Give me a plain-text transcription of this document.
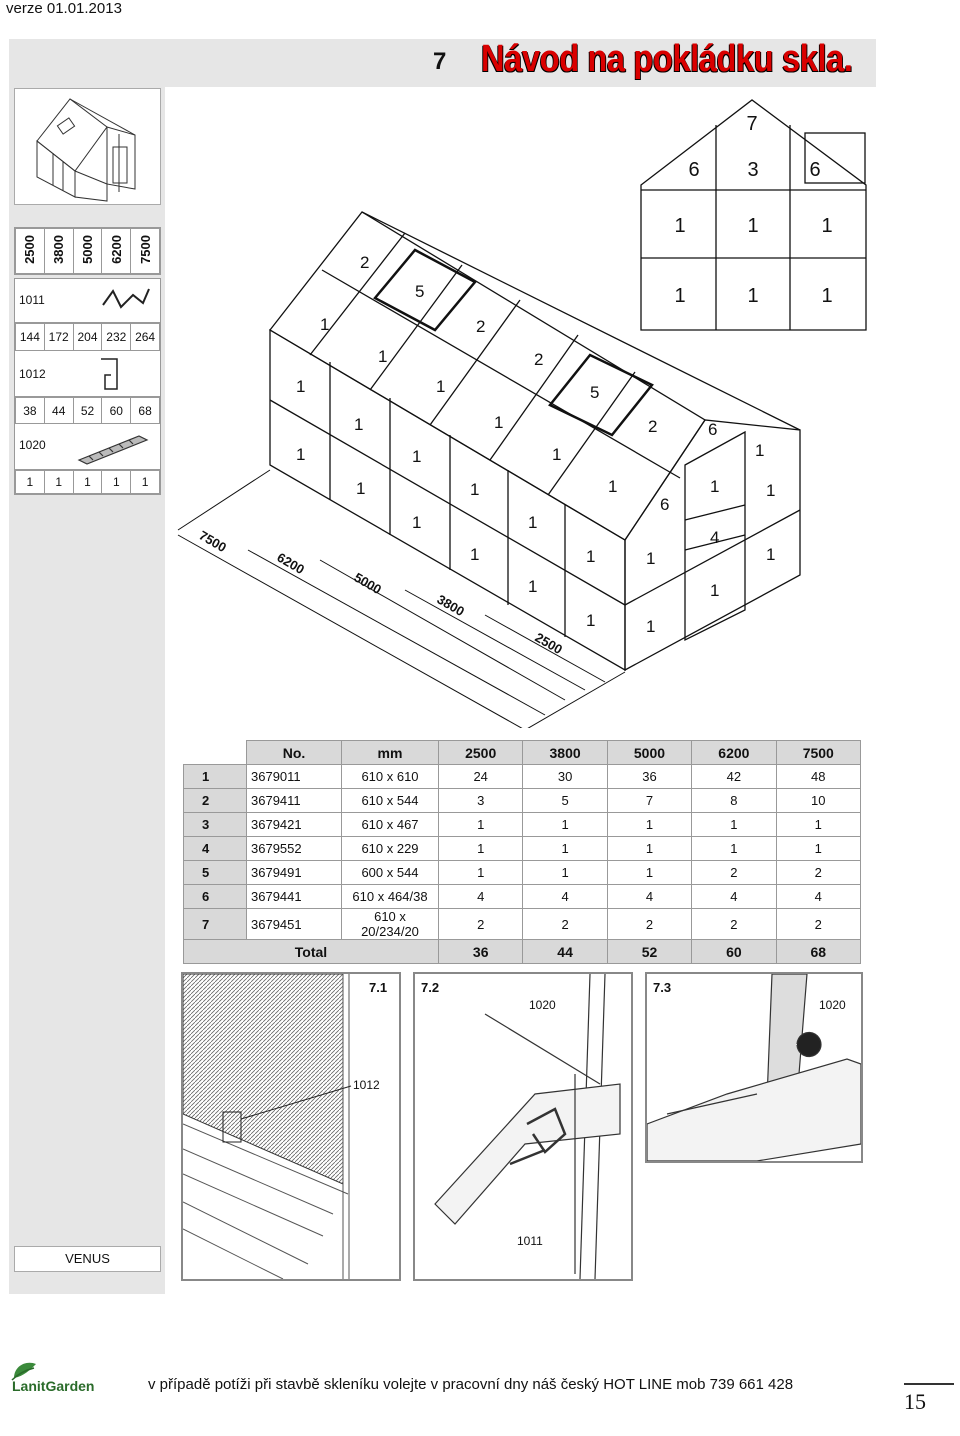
verze 01.01.2013
7 Návod na pokládku skla.
2500	3800	5000	6200	7500
1011
144	172	204	232	264
1012
38	44	52	60	68
1020
1	1	1	1	1
VENUS
7500
6200
5000
3800
2500
2
5
1	2
1	2
5
1
1
1	2
1
1
1	1
6
1
1
6
1
1	1	1
1
4
1
1	1	1	1
1	1
1	1
7
6 3	6
1	1	1
1	1	1
	No.	mm	2500	3800	5000	6200	7500
1	3679011	610 x 610	24	30	36	42	48
2	3679411	610 x 544	3	5	7	8	10
3	3679421	610 x 467	1	1	1	1	1
4	3679552	610 x 229	1	1	1	1	1
5	3679491	600 x 544	1	1	1	2	2
6	3679441	610 x 464/38	4	4	4	4	4
7	3679451	610 x 20/234/20	2	2	2	2	2
Total			36	44	52	60	68
7.1
1012
7.2
1020
1011
7.3
1020
LanitGarden	v případě potíži při stavbě skleníku volejte v pracovní dny náš český HOT LINE mob 739 661 428
15
